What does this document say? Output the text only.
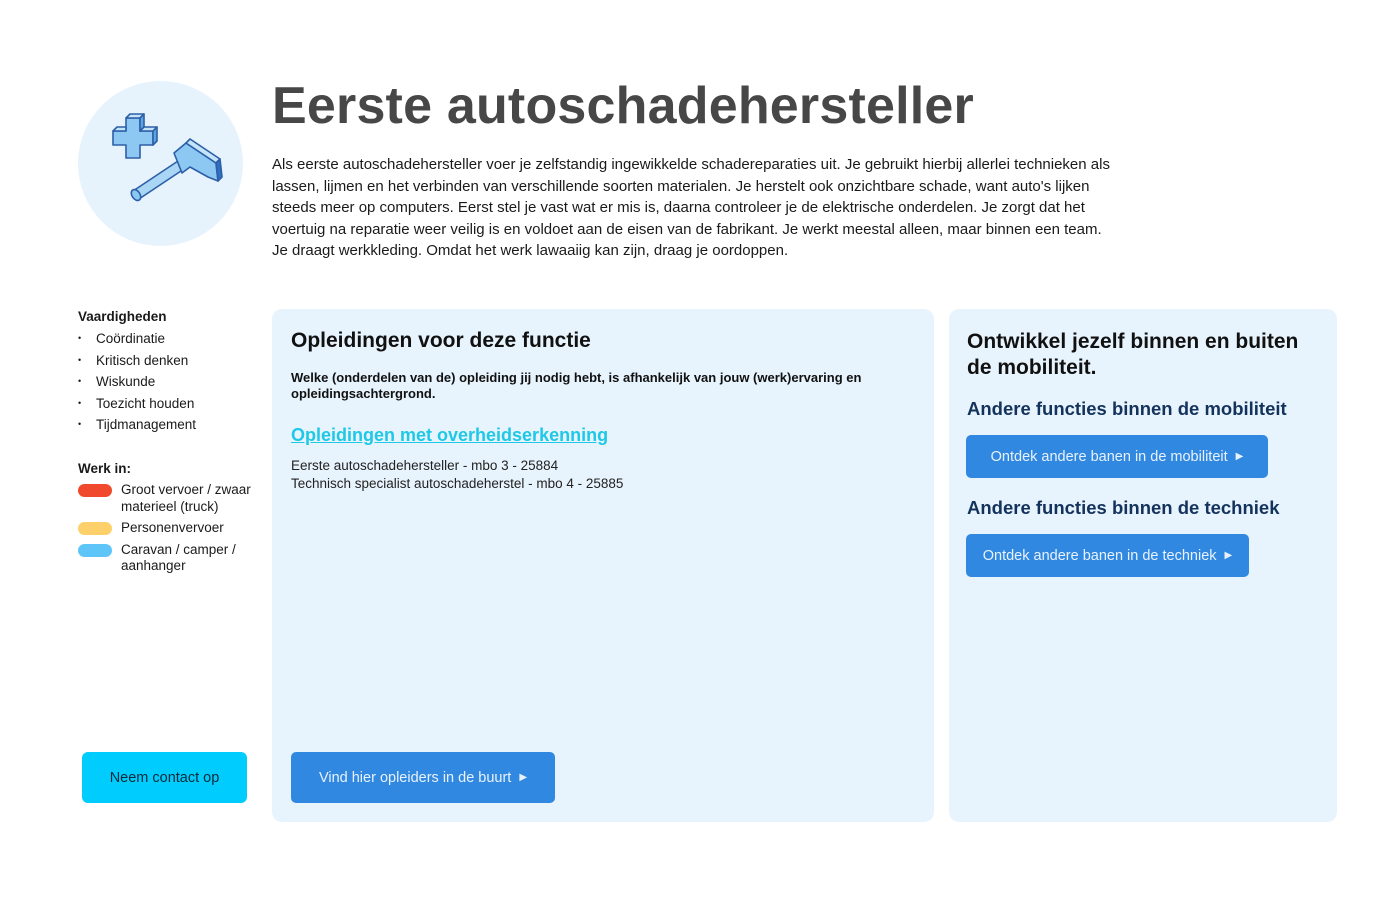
Eerste autoschadehersteller

Als eerste autoschadehersteller voer je zelfstandig ingewikkelde schadereparaties uit. Je gebruikt hierbij allerlei technieken als lassen, lijmen en het verbinden van verschillende soorten materialen. Je herstelt ook onzichtbare schade, want auto's lijken steeds meer op computers. Eerst stel je vast wat er mis is, daarna controleer je de elektrische onderdelen. Je zorgt dat het voertuig na reparatie weer veilig is en voldoet aan de eisen van de fabrikant. Je werkt meestal alleen, maar binnen een team. Je draagt werkkleding. Omdat het werk lawaaiig kan zijn, draag je oordoppen.

Vaardigheden
• Coördinatie
• Kritisch denken
• Wiskunde
• Toezicht houden
• Tijdmanagement
Werk in:
Groot vervoer / zwaar materieel (truck)
Personenvervoer
Caravan / camper / aanhanger
Neem contact op
Opleidingen voor deze functie

Welke (onderdelen van de) opleiding jij nodig hebt, is afhankelijk van jouw (werk)ervaring en opleidingsachtergrond.

Opleidingen met overheidserkenning
Eerste autoschadehersteller - mbo 3 - 25884
Technisch specialist autoschadeherstel - mbo 4 - 25885
Vind hier opleiders in de buurt ▶
Ontwikkel jezelf binnen en buiten de mobiliteit.
Andere functies binnen de mobiliteit
Ontdek andere banen in de mobiliteit ▶
Andere functies binnen de techniek
Ontdek andere banen in de techniek ▶
